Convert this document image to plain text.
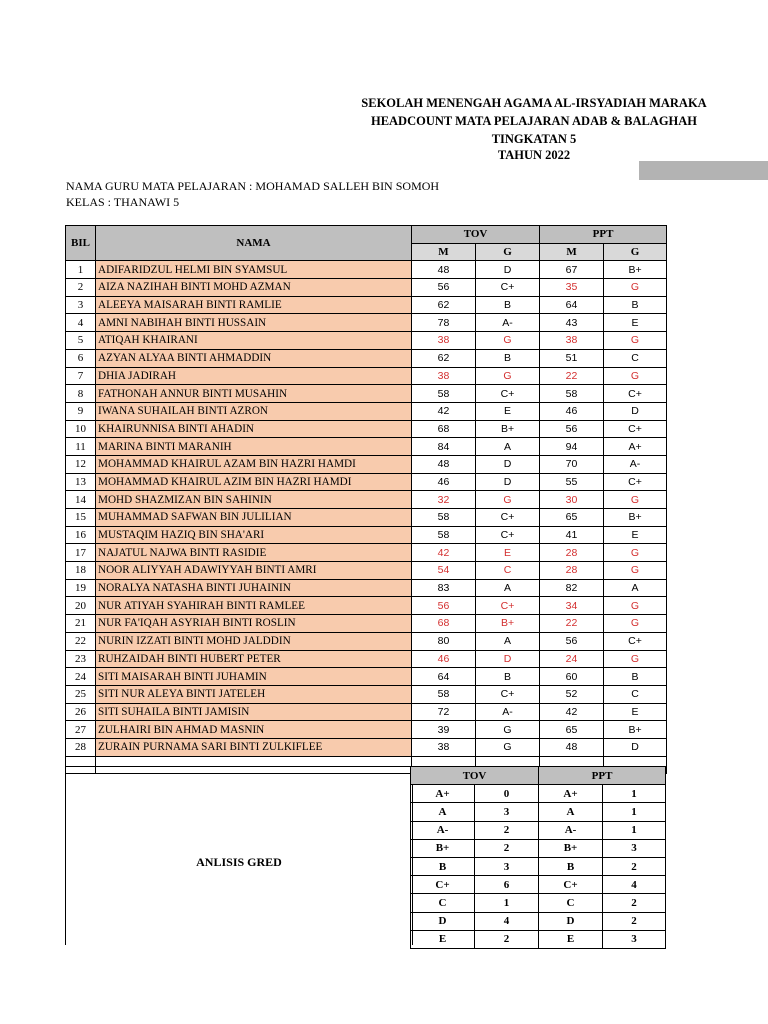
SEKOLAH MENENGAH AGAMA AL-IRSYADIAH MARAKA
HEADCOUNT MATA PELAJARAN ADAB & BALAGHAH
TINGKATAN 5
TAHUN 2022
NAMA GURU MATA PELAJARAN : MOHAMAD SALLEH BIN SOMOH
KELAS : THANAWI 5
BIL	NAMA	TOV		PPT	
		M	G	M	G
1	ADIFARIDZUL HELMI BIN SYAMSUL	48	D	67	B+
2	AIZA NAZIHAH BINTI MOHD AZMAN	56	C+	35	G
3	ALEEYA MAISARAH BINTI RAMLIE	62	B	64	B
4	AMNI NABIHAH BINTI HUSSAIN	78	A-	43	E
5	ATIQAH KHAIRANI	38	G	38	G
6	AZYAN ALYAA BINTI AHMADDIN	62	B	51	C
7	DHIA JADIRAH	38	G	22	G
8	FATHONAH ANNUR BINTI MUSAHIN	58	C+	58	C+
9	IWANA SUHAILAH BINTI AZRON	42	E	46	D
10	KHAIRUNNISA BINTI AHADIN	68	B+	56	C+
11	MARINA BINTI MARANIH	84	A	94	A+
12	MOHAMMAD KHAIRUL AZAM BIN HAZRI HAMDI	48	D	70	A-
13	MOHAMMAD KHAIRUL AZIM BIN HAZRI HAMDI	46	D	55	C+
14	MOHD SHAZMIZAN BIN SAHININ	32	G	30	G
15	MUHAMMAD SAFWAN BIN JULILIAN	58	C+	65	B+
16	MUSTAQIM HAZIQ BIN SHA'ARI	58	C+	41	E
17	NAJATUL NAJWA BINTI RASIDIE	42	E	28	G
18	NOOR ALIYYAH ADAWIYYAH BINTI AMRI	54	C	28	G
19	NORALYA NATASHA BINTI JUHAININ	83	A	82	A
20	NUR ATIYAH SYAHIRAH BINTI RAMLEE	56	C+	34	G
21	NUR FA'IQAH ASYRIAH BINTI ROSLIN	68	B+	22	G
22	NURIN IZZATI BINTI MOHD JALDDIN	80	A	56	C+
23	RUHZAIDAH BINTI HUBERT PETER	46	D	24	G
24	SITI MAISARAH BINTI JUHAMIN	64	B	60	B
25	SITI NUR ALEYA BINTI JATELEH	58	C+	52	C
26	SITI SUHAILA BINTI JAMISIN	72	A-	42	E
27	ZULHAIRI BIN AHMAD MASNIN	39	G	65	B+
28	ZURAIN PURNAMA SARI BINTI ZULKIFLEE	38	G	48	D

ANLISIS GRED
TOV		PPT	
A+	0	A+	1
A	3	A	1
A-	2	A-	1
B+	2	B+	3
B	3	B	2
C+	6	C+	4
C	1	C	2
D	4	D	2
E	2	E	3
